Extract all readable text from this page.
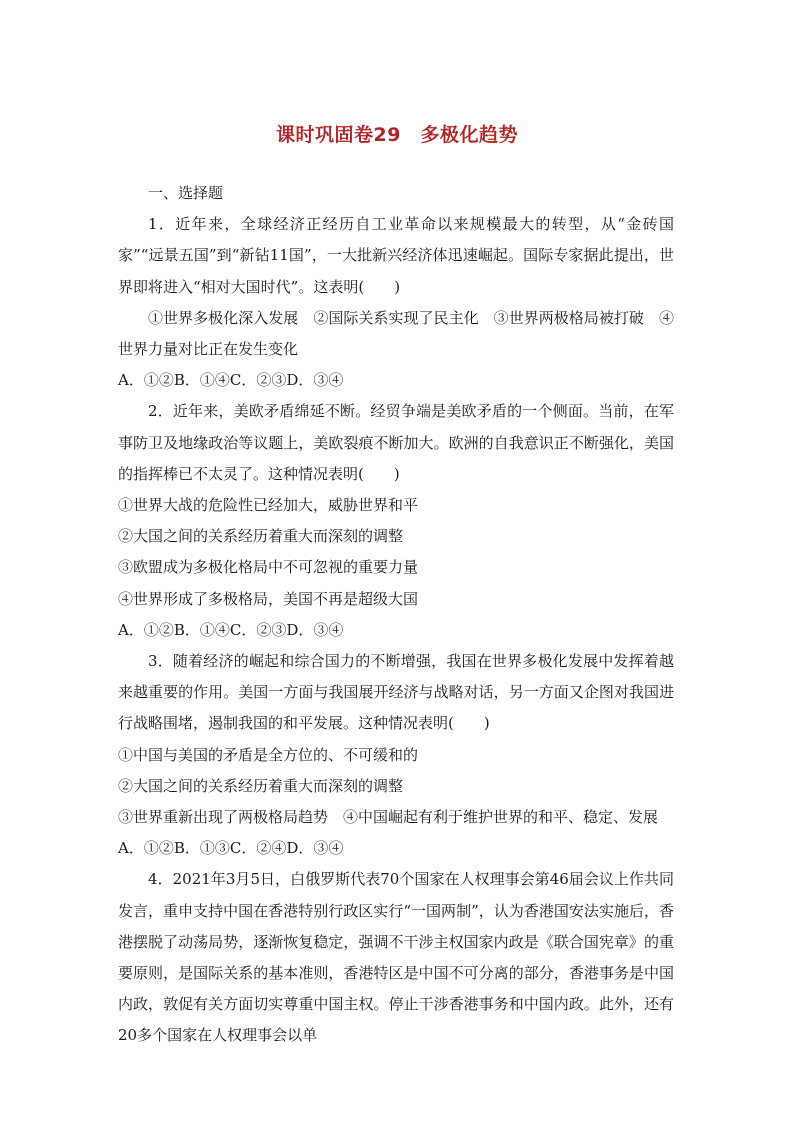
课时巩固卷29　多极化趋势

一、选择题

1．近年来，全球经济正经历自工业革命以来规模最大的转型，从“金砖国家”“远景五国”到“新钻11国”，一大批新兴经济体迅速崛起。国际专家据此提出，世界即将进入“相对大国时代”。这表明(　　)

①世界多极化深入发展　②国际关系实现了民主化　③世界两极格局被打破　④世界力量对比正在发生变化

A．①②B．①④C．②③D．③④

2．近年来，美欧矛盾绵延不断。经贸争端是美欧矛盾的一个侧面。当前，在军事防卫及地缘政治等议题上，美欧裂痕不断加大。欧洲的自我意识正不断强化，美国的指挥棒已不太灵了。这种情况表明(　　)

①世界大战的危险性已经加大，威胁世界和平

②大国之间的关系经历着重大而深刻的调整

③欧盟成为多极化格局中不可忽视的重要力量

④世界形成了多极格局，美国不再是超级大国

A．①②B．①④C．②③D．③④

3．随着经济的崛起和综合国力的不断增强，我国在世界多极化发展中发挥着越来越重要的作用。美国一方面与我国展开经济与战略对话，另一方面又企图对我国进行战略围堵，遏制我国的和平发展。这种情况表明(　　)

①中国与美国的矛盾是全方位的、不可缓和的

②大国之间的关系经历着重大而深刻的调整

③世界重新出现了两极格局趋势　④中国崛起有利于维护世界的和平、稳定、发展

A．①②B．①③C．②④D．③④

4．2021年3月5日，白俄罗斯代表70个国家在人权理事会第46届会议上作共同发言，重申支持中国在香港特别行政区实行“一国两制”，认为香港国安法实施后，香港摆脱了动荡局势，逐渐恢复稳定，强调不干涉主权国家内政是《联合国宪章》的重要原则，是国际关系的基本准则，香港特区是中国不可分离的部分，香港事务是中国内政，敦促有关方面切实尊重中国主权。停止干涉香港事务和中国内政。此外，还有20多个国家在人权理事会以单
